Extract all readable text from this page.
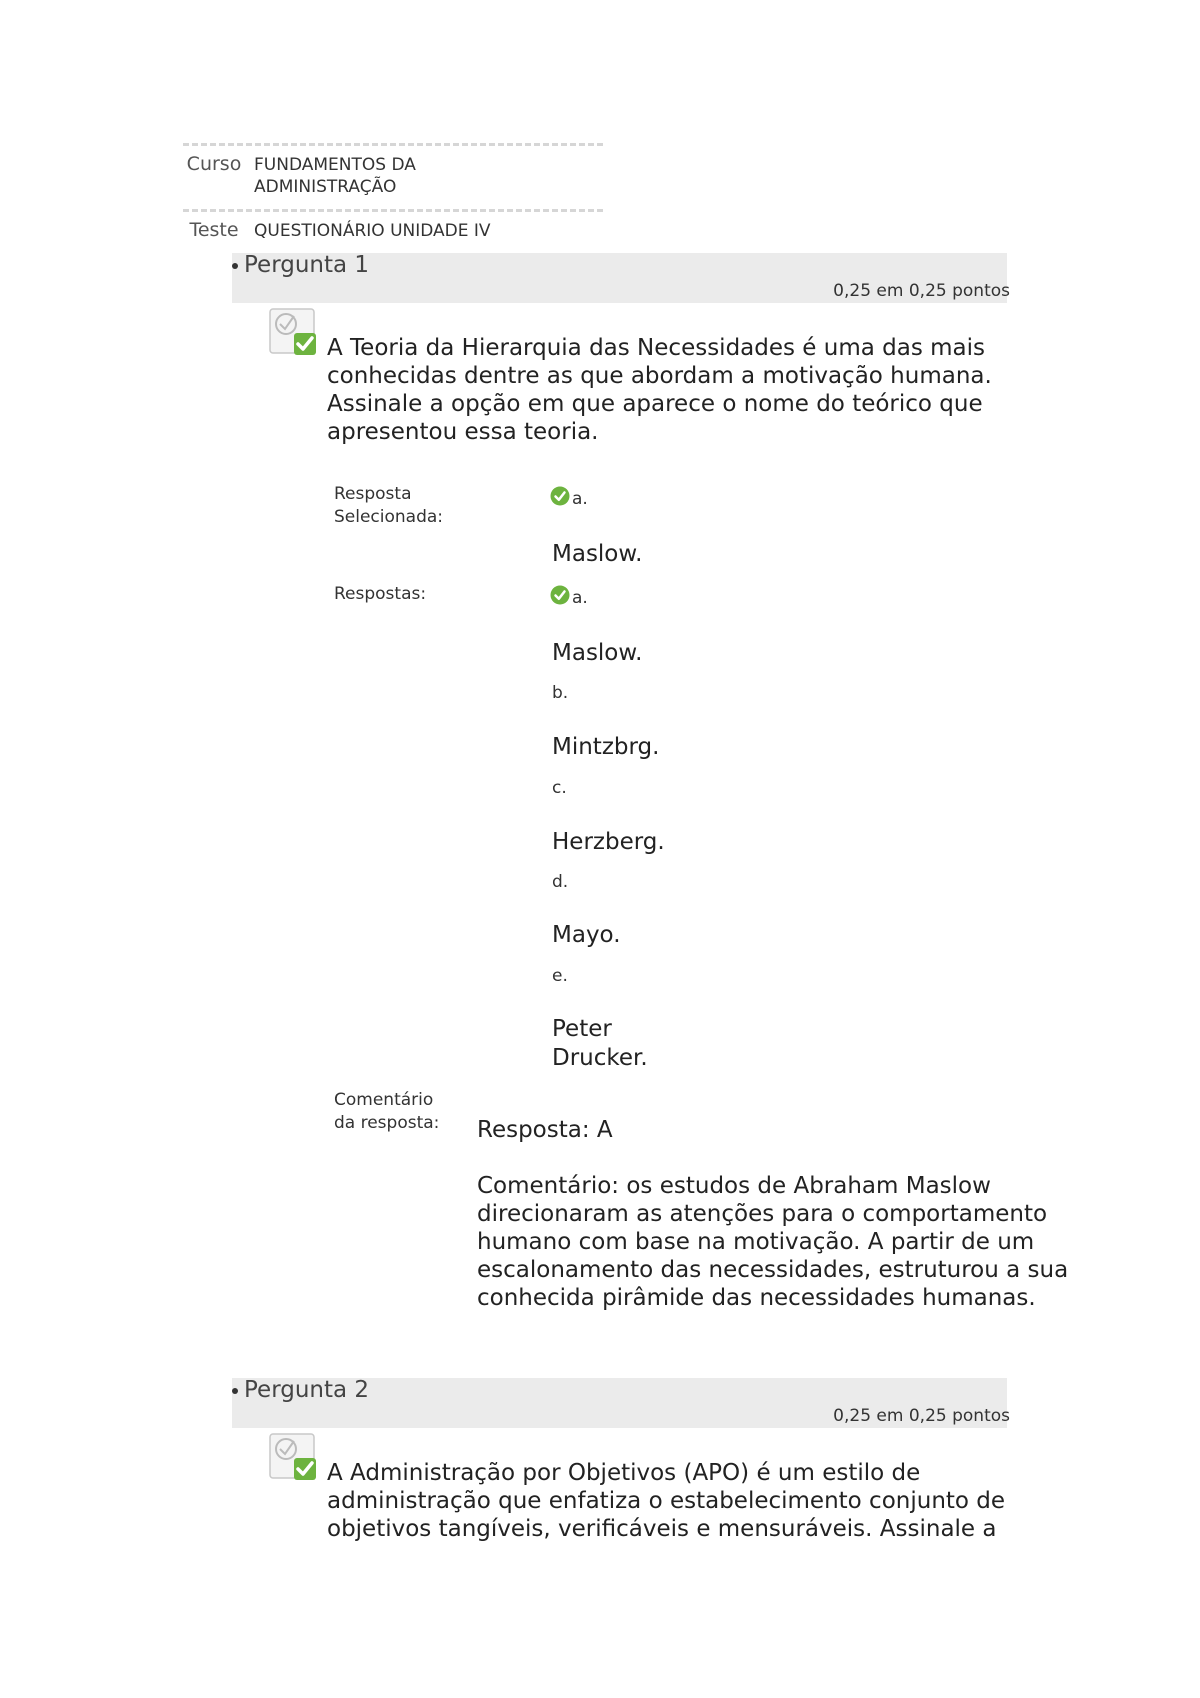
Curso FUNDAMENTOS DA ADMINISTRAÇÃO
Teste QUESTIONÁRIO UNIDADE IV
Pergunta 1
0,25 em 0,25 pontos
A Teoria da Hierarquia das Necessidades é uma das mais conhecidas dentre as que abordam a motivação humana. Assinale a opção em que aparece o nome do teórico que apresentou essa teoria.
Resposta Selecionada:
a.
Maslow.
Respostas:	a.
Maslow.
b.
Mintzbrg.
c.
Herzberg.
d.
Mayo.
e.
Peter Drucker.
Comentário da resposta:	Resposta: A
Comentário: os estudos de Abraham Maslow direcionaram as atenções para o comportamento humano com base na motivação. A partir de um escalonamento das necessidades, estruturou a sua conhecida pirâmide das necessidades humanas.
Pergunta 2
0,25 em 0,25 pontos
A Administração por Objetivos (APO) é um estilo de administração que enfatiza o estabelecimento conjunto de objetivos tangíveis, verificáveis e mensuráveis. Assinale a
